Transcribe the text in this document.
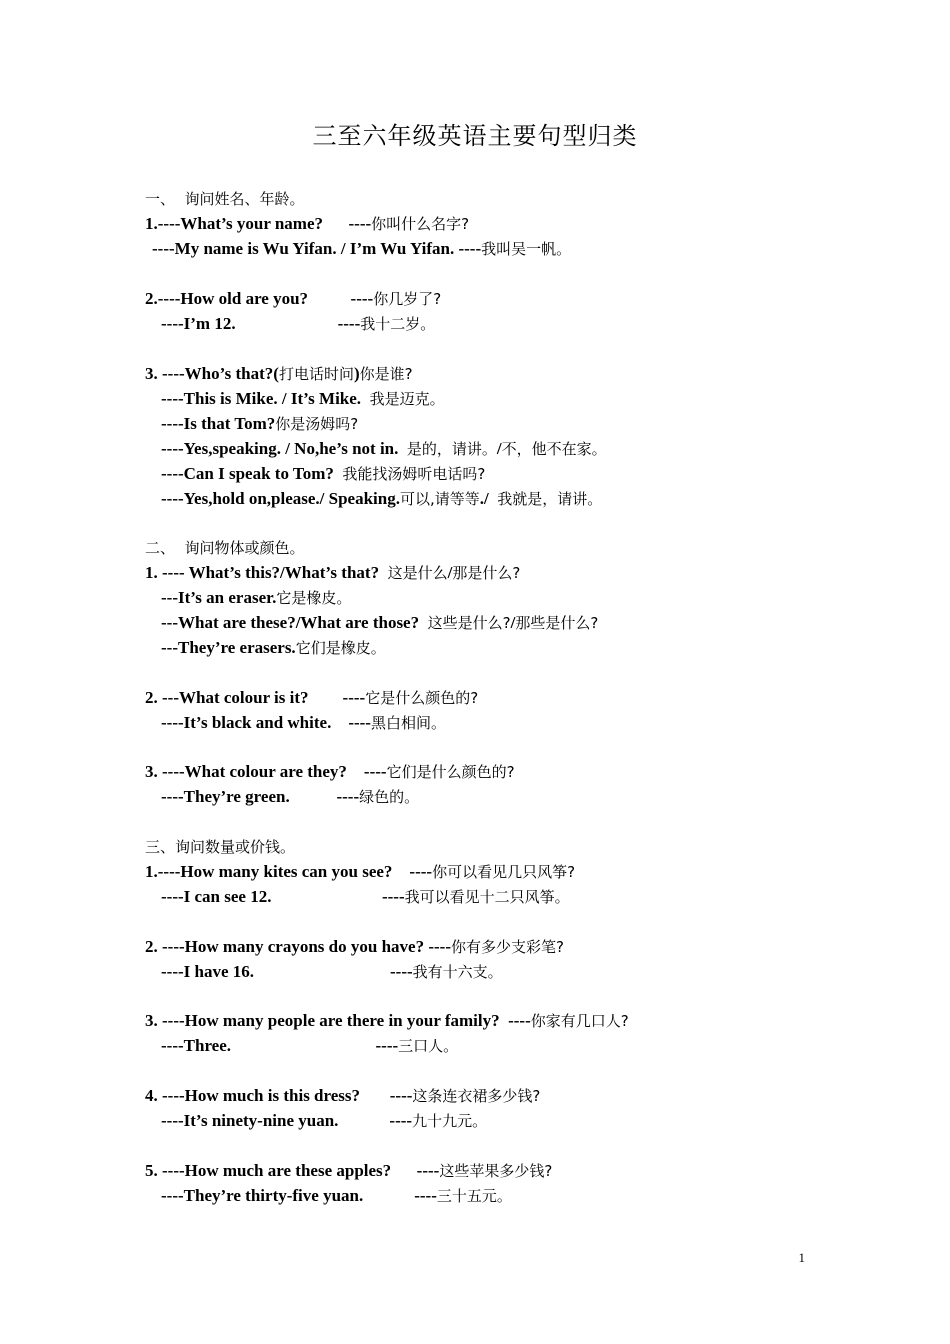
三至六年级英语主要句型归类
一、  询问姓名、年龄。
1.----What’s your name?      ----你叫什么名字?
----My name is Wu Yifan. / I’m Wu Yifan. ----我叫吴一帆。
2.----How old are you?          ----你几岁了?
----I’m 12.                        ----我十二岁。
3. ----Who’s that?(打电话时问)你是谁?
----This is Mike. / It’s Mike.  我是迈克。
----Is that Tom?你是汤姆吗?
----Yes,speaking. / No,he’s not in.  是的，请讲。/不，他不在家。
----Can I speak to Tom?  我能找汤姆听电话吗?
----Yes,hold on,please./ Speaking.可以,请等等./  我就是，请讲。
二、  询问物体或颜色。
1. ---- What’s this?/What’s that?  这是什么/那是什么?
---It’s an eraser.它是橡皮。
---What are these?/What are those?  这些是什么?/那些是什么?
---They’re erasers.它们是橡皮。
2. ---What colour is it?        ----它是什么颜色的?
----It’s black and white.    ----黑白相间。
3. ----What colour are they?    ----它们是什么颜色的?
----They’re green.           ----绿色的。
三、询问数量或价钱。
1.----How many kites can you see?    ----你可以看见几只风筝?
----I can see 12.                          ----我可以看见十二只风筝。
2. ----How many crayons do you have? ----你有多少支彩笔?
----I have 16.                                ----我有十六支。
3. ----How many people are there in your family?  ----你家有几口人?
----Three.                                  ----三口人。
4. ----How much is this dress?       ----这条连衣裙多少钱?
----It’s ninety-nine yuan.            ----九十九元。
5. ----How much are these apples?      ----这些苹果多少钱?
----They’re thirty-five yuan.            ----三十五元。
1
